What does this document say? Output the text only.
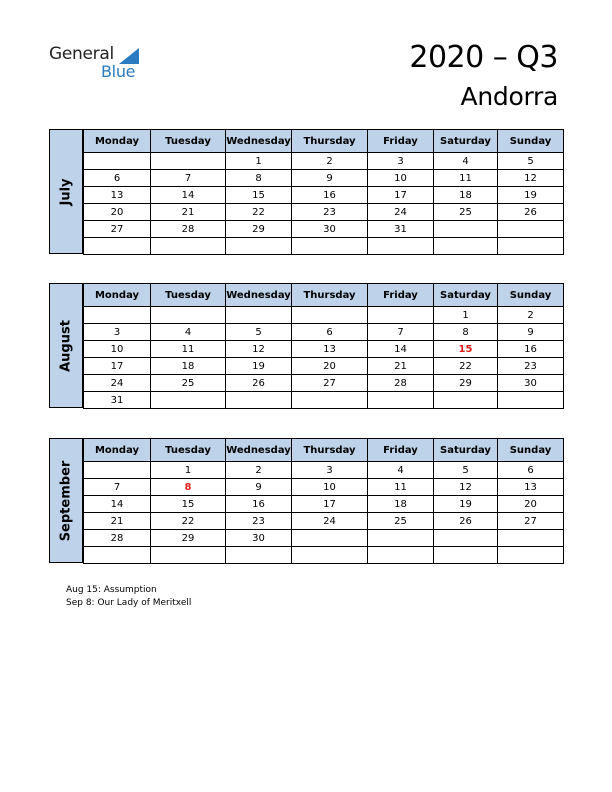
General
Blue	2020 – Q3
Andorra
July
Monday	Tuesday	Wednesday	Thursday	Friday	Saturday	Sunday
		1	2	3	4	5
6	7	8	9	10	11	12
13	14	15	16	17	18	19
20	21	22	23	24	25	26
27	28	29	30	31		

August
Monday	Tuesday	Wednesday	Thursday	Friday	Saturday	Sunday
					1	2
3	4	5	6	7	8	9
10	11	12	13	14	15	16
17	18	19	20	21	22	23
24	25	26	27	28	29	30
31						
September
Monday	Tuesday	Wednesday	Thursday	Friday	Saturday	Sunday
	1	2	3	4	5	6
7	8	9	10	11	12	13
14	15	16	17	18	19	20
21	22	23	24	25	26	27
28	29	30				

Aug 15: Assumption
Sep 8: Our Lady of Meritxell
